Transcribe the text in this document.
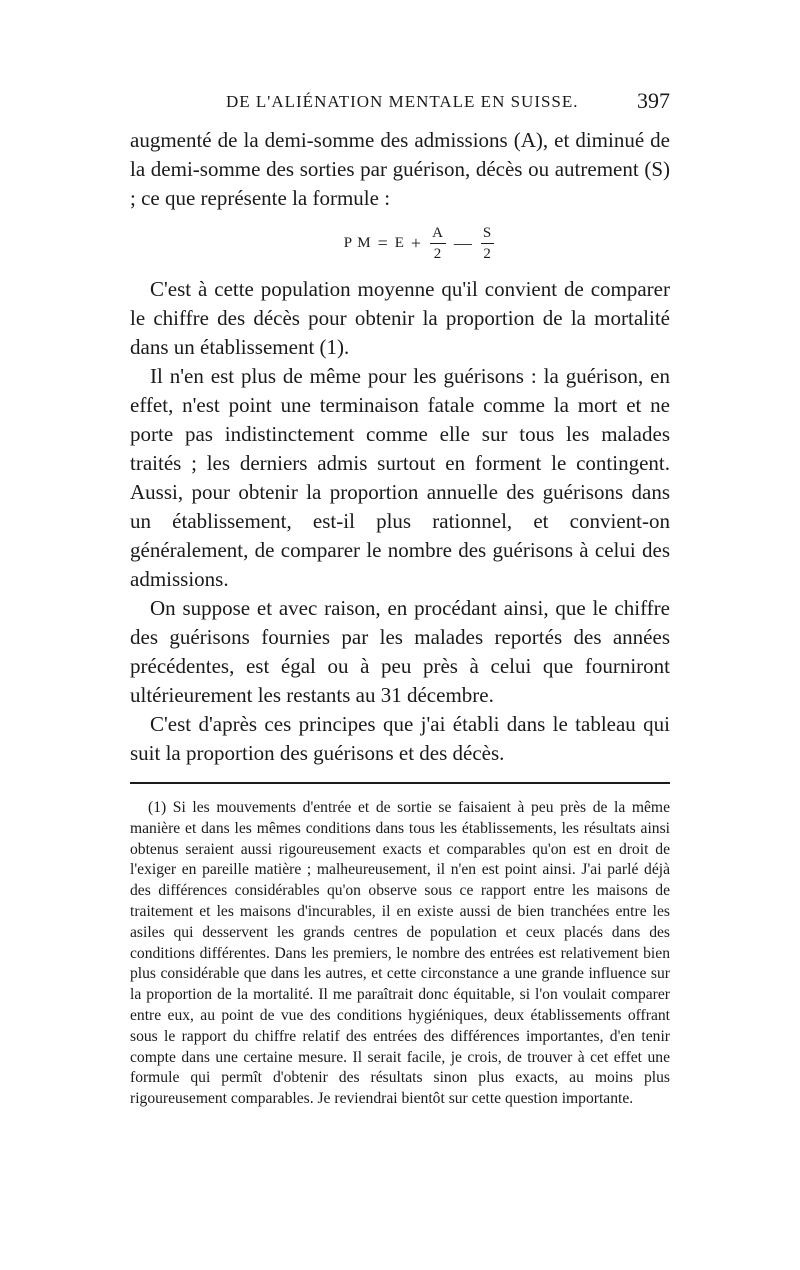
DE L'ALIÉNATION MENTALE EN SUISSE.	397

augmenté de la demi-somme des admissions (A), et diminué de la demi-somme des sorties par guérison, décès ou autrement (S) ; ce que représente la formule :

P $M = E + \frac{A}{2}$ — $\frac{S}{2}$

C'est à cette population moyenne qu'il convient de comparer le chiffre des décès pour obtenir la proportion de la mortalité dans un établissement (1).

Il n'en est plus de même pour les guérisons : la guérison, en effet, n'est point une terminaison fatale comme la mort et ne porte pas indistinctement comme elle sur tous les malades traités ; les derniers admis surtout en forment le contingent. Aussi, pour obtenir la proportion annuelle des guérisons dans un établissement, est-il plus rationnel, et convient-on généralement, de comparer le nombre des guérisons à celui des admissions.

On suppose et avec raison, en procédant ainsi, que le chiffre des guérisons fournies par les malades reportés des années précédentes, est égal ou à peu près à celui que fourniront ultérieurement les restants au 31 décembre.

C'est d'après ces principes que j'ai établi dans le tableau qui suit la proportion des guérisons et des décès.

(1) Si les mouvements d'entrée et de sortie se faisaient à peu près de la même manière et dans les mêmes conditions dans tous les établissements, les résultats ainsi obtenus seraient aussi rigoureusement exacts et comparables qu'on est en droit de l'exiger en pareille matière ; malheureusement, il n'en est point ainsi. J'ai parlé déjà des différences considérables qu'on observe sous ce rapport entre les maisons de traitement et les maisons d'incurables, il en existe aussi de bien tranchées entre les asiles qui desservent les grands centres de population et ceux placés dans des conditions différentes. Dans les premiers, le nombre des entrées est relativement bien plus considérable que dans les autres, et cette circonstance a une grande influence sur la proportion de la mortalité. Il me paraîtrait donc équitable, si l'on voulait comparer entre eux, au point de vue des conditions hygiéniques, deux établissements offrant sous le rapport du chiffre relatif des entrées des différences importantes, d'en tenir compte dans une certaine mesure. Il serait facile, je crois, de trouver à cet effet une formule qui permît d'obtenir des résultats sinon plus exacts, au moins plus rigoureusement comparables. Je reviendrai bientôt sur cette question importante.
